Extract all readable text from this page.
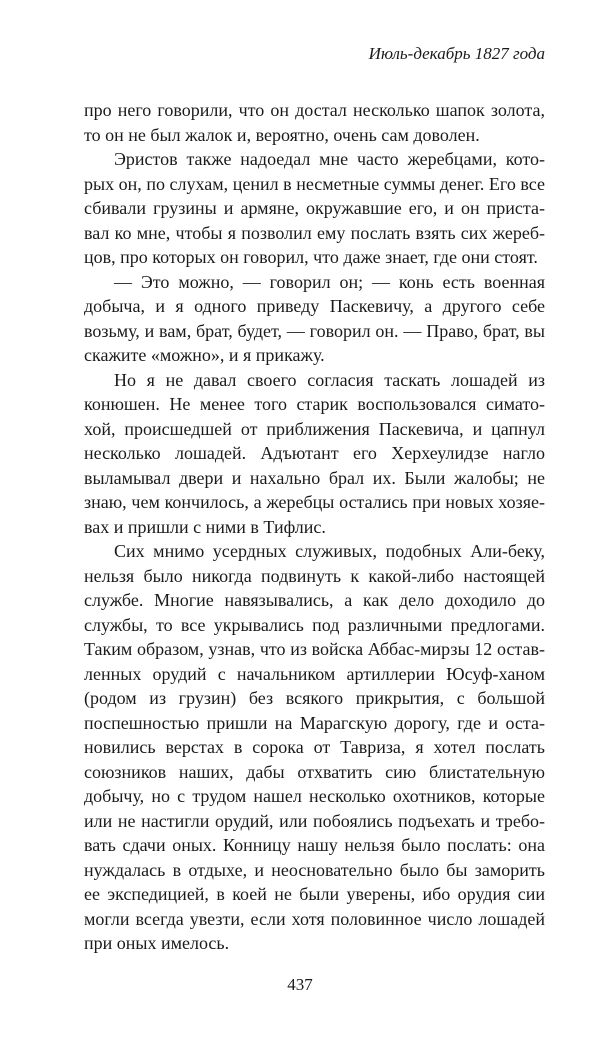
Июль-декабрь 1827 года
про него говорили, что он достал несколько шапок золота,
то он не был жалок и, вероятно, очень сам доволен.
Эристов также надоедал мне часто жеребцами, кото-
рых он, по слухам, ценил в несметные суммы денег. Его все
сбивали грузины и армяне, окружавшие его, и он приста-
вал ко мне, чтобы я позволил ему послать взять сих жереб-
цов, про которых он говорил, что даже знает, где они стоят.
— Это можно, — говорил он; — конь есть военная
добыча, и я одного приведу Паскевичу, а другого себе
возьму, и вам, брат, будет, — говорил он. — Право, брат, вы
скажите «можно», и я прикажу.
Но я не давал своего согласия таскать лошадей из
конюшен. Не менее того старик воспользовался симато-
хой, происшедшей от приближения Паскевича, и цапнул
несколько лошадей. Адъютант его Херхеулидзе нагло
выламывал двери и нахально брал их. Были жалобы; не
знаю, чем кончилось, а жеребцы остались при новых хозяе-
вах и пришли с ними в Тифлис.
Сих мнимо усердных служивых, подобных Али-беку,
нельзя было никогда подвинуть к какой-либо настоящей
службе. Многие навязывались, а как дело доходило до
службы, то все укрывались под различными предлогами.
Таким образом, узнав, что из войска Аббас-мирзы 12 остав-
ленных орудий с начальником артиллерии Юсуф-ханом
(родом из грузин) без всякого прикрытия, с большой
поспешностью пришли на Марагскую дорогу, где и оста-
новились верстах в сорока от Тавриза, я хотел послать
союзников наших, дабы отхватить сию блистательную
добычу, но с трудом нашел несколько охотников, которые
или не настигли орудий, или побоялись подъехать и требо-
вать сдачи оных. Конницу нашу нельзя было послать: она
нуждалась в отдыхе, и неосновательно было бы заморить
ее экспедицией, в коей не были уверены, ибо орудия сии
могли всегда увезти, если хотя половинное число лошадей
при оных имелось.
437
